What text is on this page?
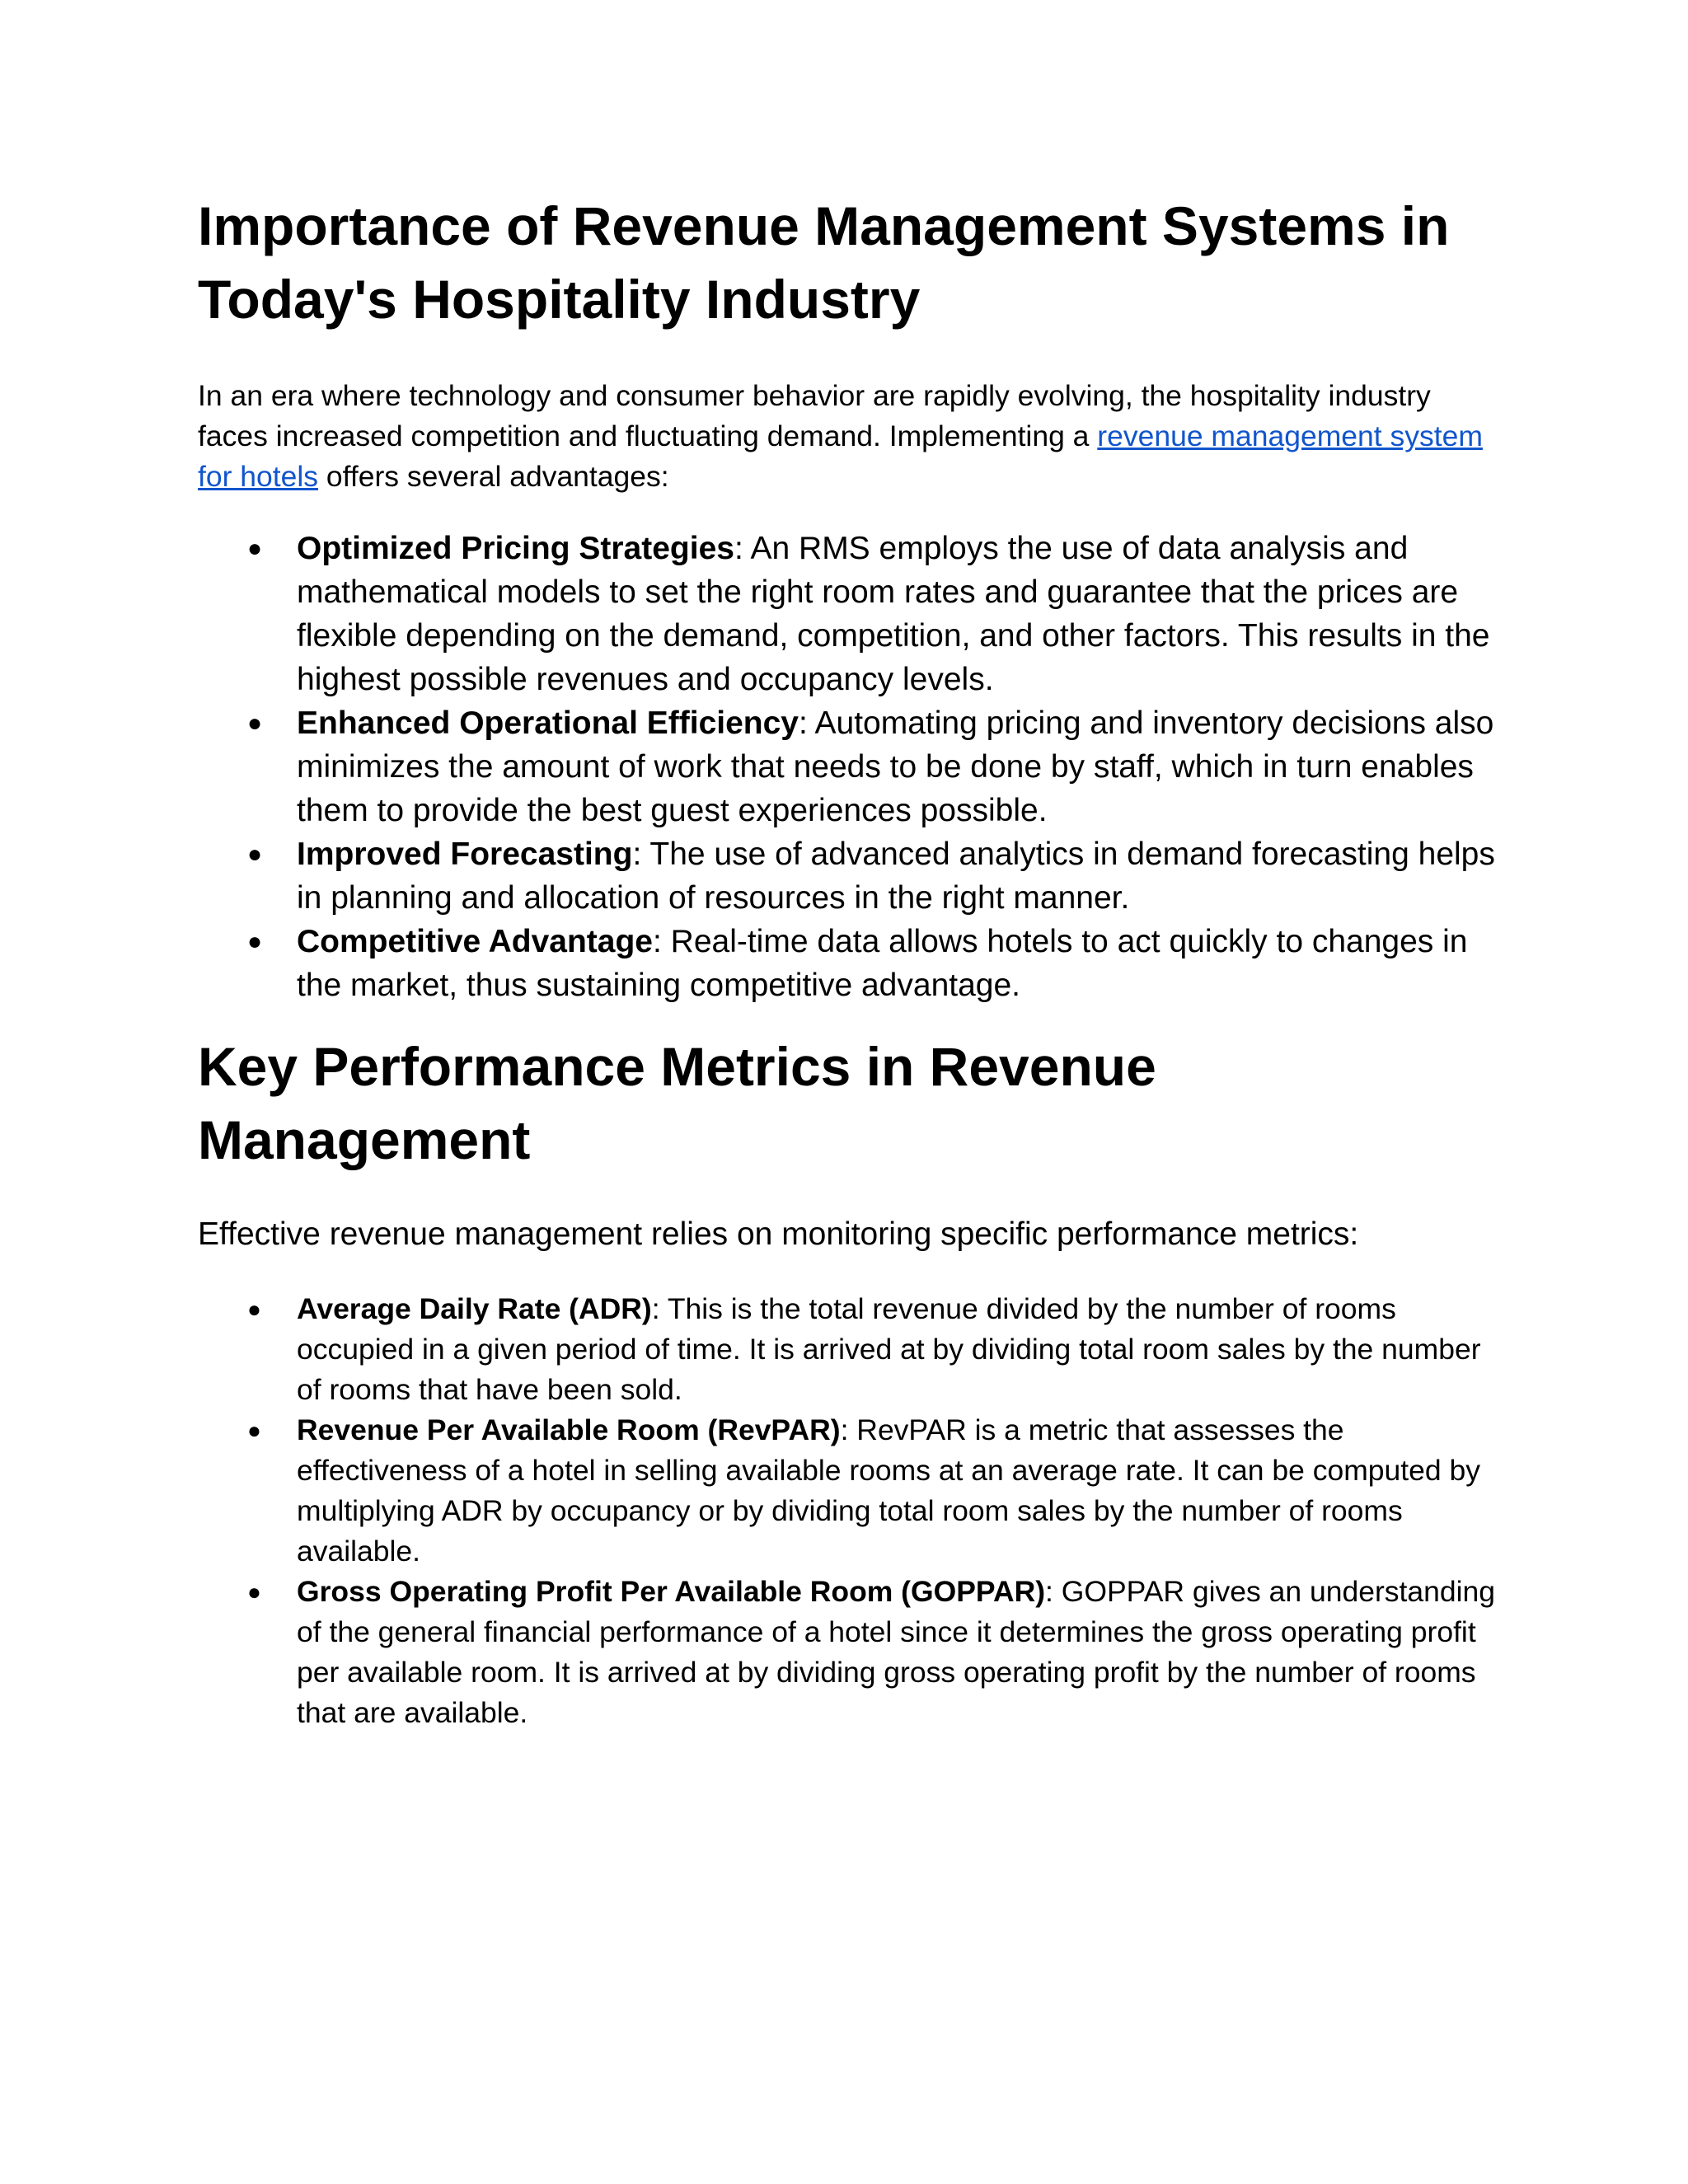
Importance of Revenue Management Systems in Today's Hospitality Industry

In an era where technology and consumer behavior are rapidly evolving, the hospitality industry faces increased competition and fluctuating demand. Implementing a revenue management system for hotels offers several advantages:

● Optimized Pricing Strategies: An RMS employs the use of data analysis and mathematical models to set the right room rates and guarantee that the prices are flexible depending on the demand, competition, and other factors. This results in the highest possible revenues and occupancy levels.
● Enhanced Operational Efficiency: Automating pricing and inventory decisions also minimizes the amount of work that needs to be done by staff, which in turn enables them to provide the best guest experiences possible.
● Improved Forecasting: The use of advanced analytics in demand forecasting helps in planning and allocation of resources in the right manner.
● Competitive Advantage: Real-time data allows hotels to act quickly to changes in the market, thus sustaining competitive advantage.
Key Performance Metrics in Revenue Management

Effective revenue management relies on monitoring specific performance metrics:

● Average Daily Rate (ADR): This is the total revenue divided by the number of rooms occupied in a given period of time. It is arrived at by dividing total room sales by the number of rooms that have been sold.
● Revenue Per Available Room (RevPAR): RevPAR is a metric that assesses the effectiveness of a hotel in selling available rooms at an average rate. It can be computed by multiplying ADR by occupancy or by dividing total room sales by the number of rooms available.
● Gross Operating Profit Per Available Room (GOPPAR): GOPPAR gives an understanding of the general financial performance of a hotel since it determines the gross operating profit per available room. It is arrived at by dividing gross operating profit by the number of rooms that are available.
